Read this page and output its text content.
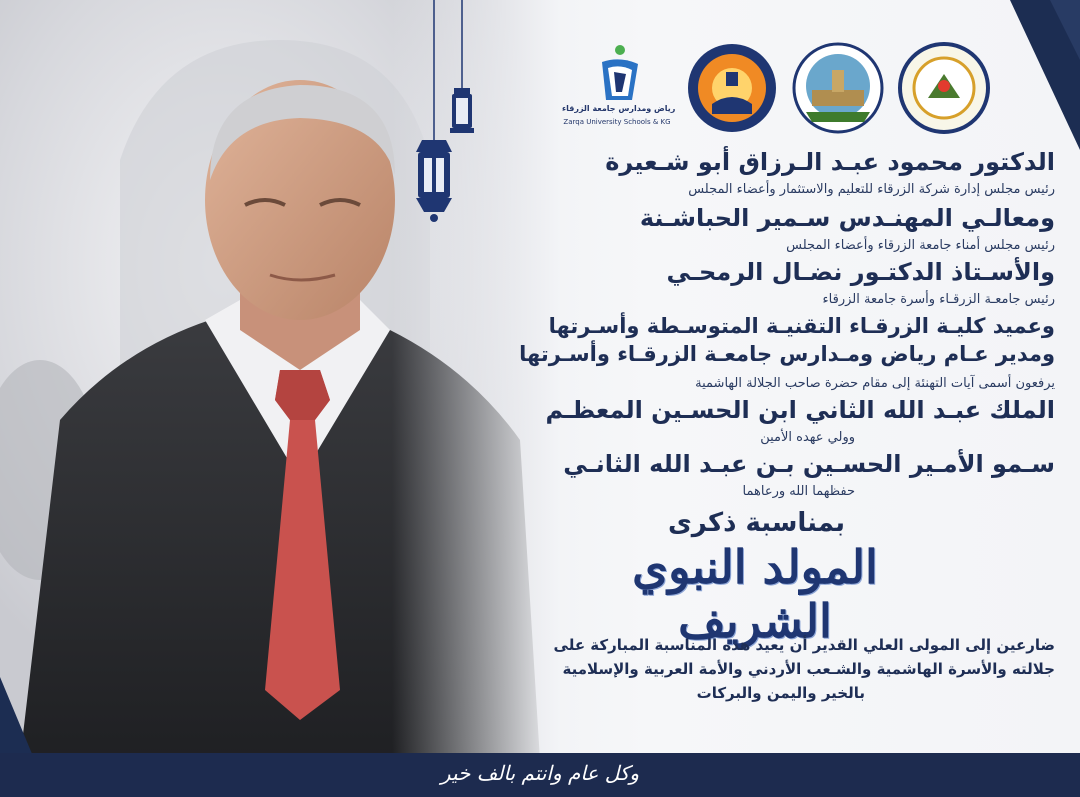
رياض ومدارس جامعة الزرقاء
Zarqa University Schools & KG
الدكتور محمود عبـد الـرزاق أبو شـعيرة
رئيس مجلس إدارة شركة الزرقاء للتعليم والاستثمار وأعضاء المجلس
ومعالـي المهنـدس سـمير الحباشـنة
رئيس مجلس أمناء جامعة الزرقاء وأعضاء المجلس
والأسـتاذ الدكتـور نضـال الرمحـي
رئيس جامعـة الزرقـاء وأسرة جامعة الزرقاء
وعميد كليـة الزرقـاء التقنيـة المتوسـطة وأسـرتها
ومدير عـام رياض ومـدارس جامعـة الزرقـاء وأسـرتها
يرفعون أسمى آيات التهنئة إلى مقام حضرة صاحب الجلالة الهاشمية
الملك عبـد الله الثاني ابن الحسـين المعظـم
وولي عهده الأمين
سـمو الأمـير الحسـين بـن عبـد الله الثانـي
حفظهما الله ورعاهما
بمناسبة ذكرى
المولد النبوي الشريف
ضارعين إلى المولى العلي القدير أن يعيد هذه المناسبة المباركة على
جلالته والأسرة الهاشمية والشـعب الأردني والأمة العربية والإسلامية
بالخير واليمن والبركات
وكل عام وانتم بالف خير
